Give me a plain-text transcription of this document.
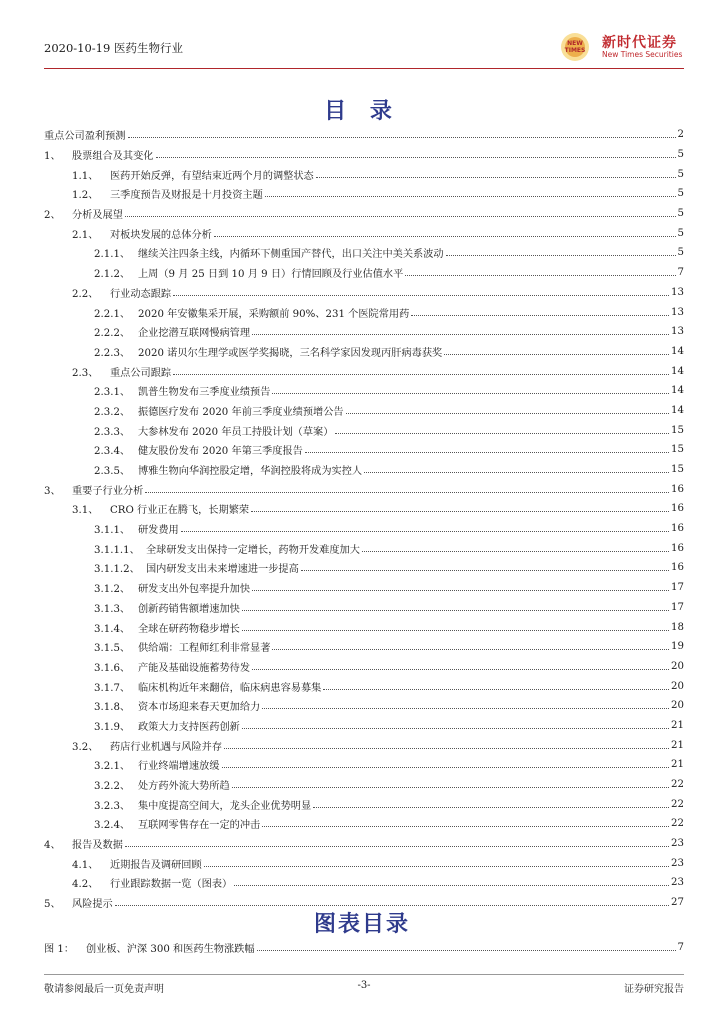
2020-10-19 医药生物行业	NEW
TIMES 新时代证券
New Times Securities
目 录
重点公司盈利预测	2
1、	股票组合及其变化	5
1.1、	医药开始反弹，有望结束近两个月的调整状态	5
1.2、	三季度预告及财报是十月投资主题	5
2、	分析及展望	5
2.1、	对板块发展的总体分析	5
2.1.1、 继续关注四条主线，内循环下侧重国产替代，出口关注中美关系波动	5
2.1.2、 上周（9 月 25 日到 10 月 9 日）行情回顾及行业估值水平	7
2.2、	行业动态跟踪	13
2.2.1、 2020 年安徽集采开展，采购额前 90%、231 个医院常用药	13
2.2.2、 企业挖潜互联网慢病管理	13
2.2.3、 2020 诺贝尔生理学或医学奖揭晓，三名科学家因发现丙肝病毒获奖	14
2.3、	重点公司跟踪	14
2.3.1、 凯普生物发布三季度业绩预告	14
2.3.2、 振德医疗发布 2020 年前三季度业绩预增公告	14
2.3.3、 大参林发布 2020 年员工持股计划（草案）	15
2.3.4、 健友股份发布 2020 年第三季度报告	15
2.3.5、 博雅生物向华润控股定增，华润控股将成为实控人	15
3、	重要子行业分析	16
3.1、	CRO 行业正在腾飞，长期繁荣	16
3.1.1、 研发费用	16
3.1.1.1、 全球研发支出保持一定增长，药物开发难度加大	16
3.1.1.2、 国内研发支出未来增速进一步提高	16
3.1.2、 研发支出外包率提升加快	17
3.1.3、 创新药销售额增速加快	17
3.1.4、 全球在研药物稳步增长	18
3.1.5、 供给端：工程师红利非常显著	19
3.1.6、 产能及基础设施蓄势待发	20
3.1.7、 临床机构近年来翻倍，临床病患容易募集	20
3.1.8、 资本市场迎来春天更加给力	20
3.1.9、 政策大力支持医药创新	21
3.2、	药店行业机遇与风险并存	21
3.2.1、 行业终端增速放缓	21
3.2.2、 处方药外流大势所趋	22
3.2.3、 集中度提高空间大，龙头企业优势明显	22
3.2.4、 互联网零售存在一定的冲击	22
4、	报告及数据	23
4.1、	近期报告及调研回顾	23
4.2、	行业跟踪数据一览（图表）	23
5、	风险提示	27
图表目录
图 1：	创业板、沪深 300 和医药生物涨跌幅	7
敬请参阅最后一页免责声明	-3-	证券研究报告
